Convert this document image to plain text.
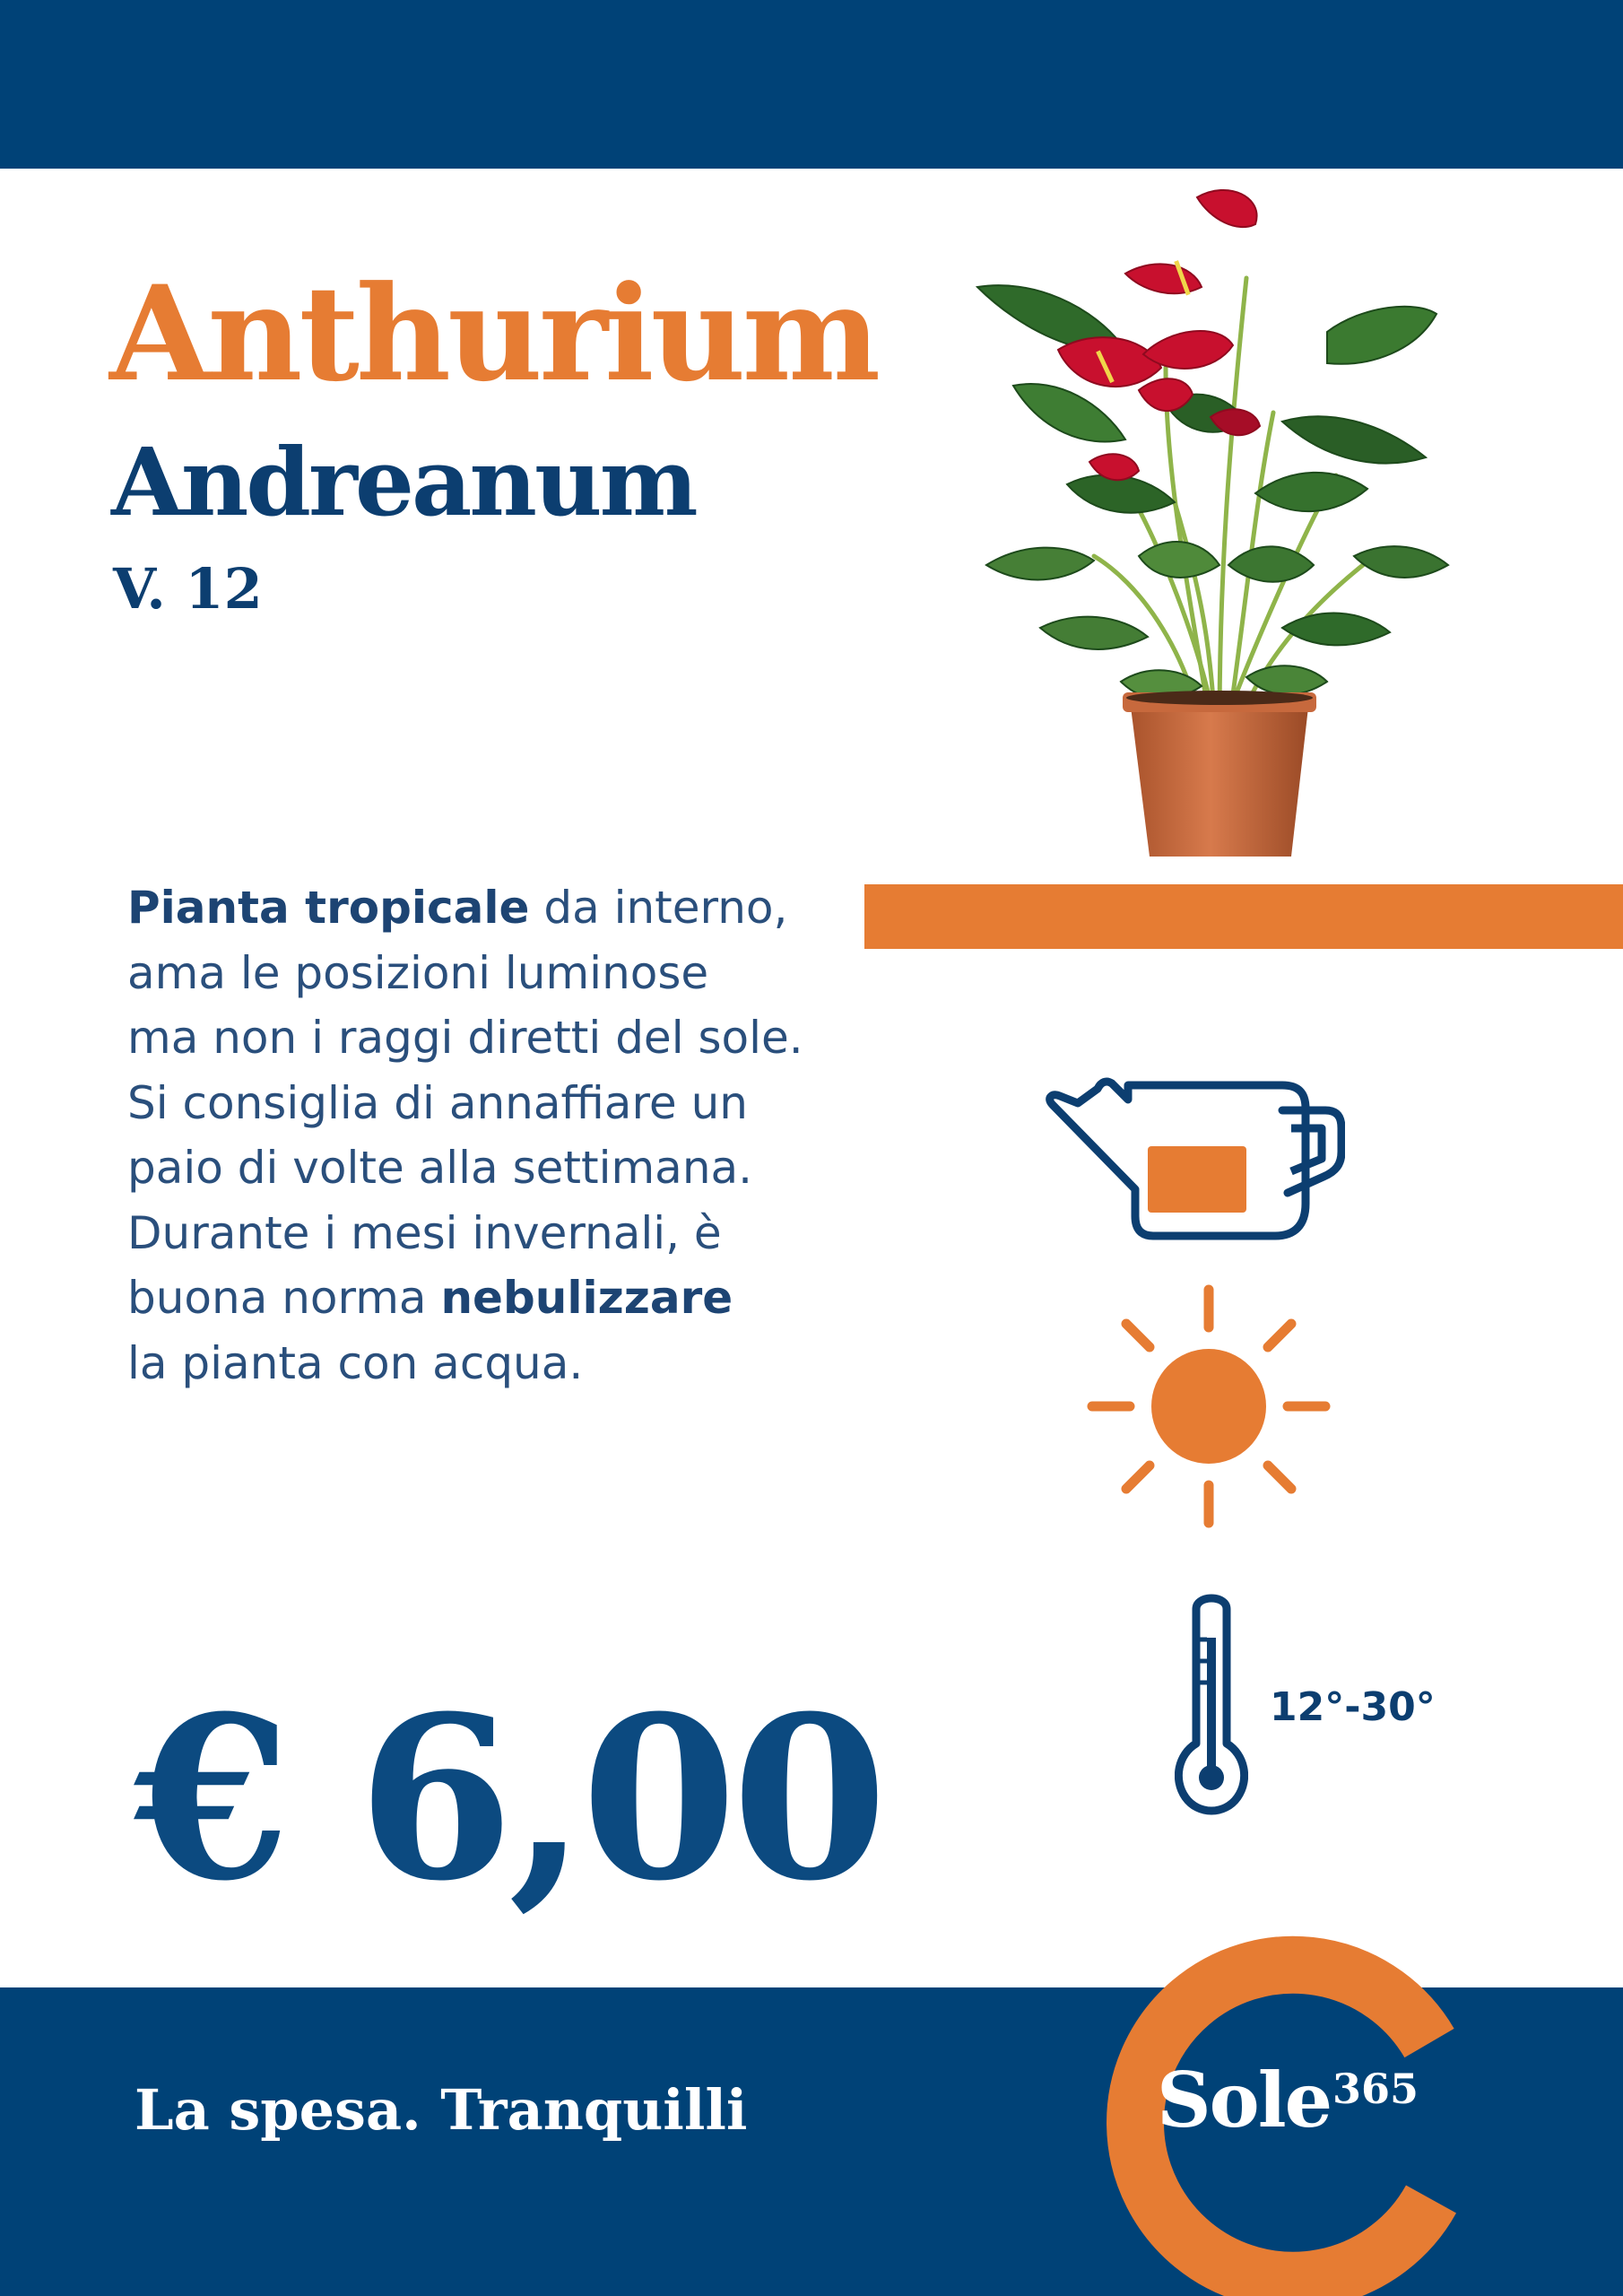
Anthurium
Andreanum
V. 12
Pianta tropicale da interno,
ama le posizioni luminose
ma non i raggi diretti del sole.
Si consiglia di annaffiare un
paio di volte alla settimana.
Durante i mesi invernali, è
buona norma nebulizzare
la pianta con acqua.
12°-30°
€ 6,00
La spesa. Tranquilli	Sole 365
